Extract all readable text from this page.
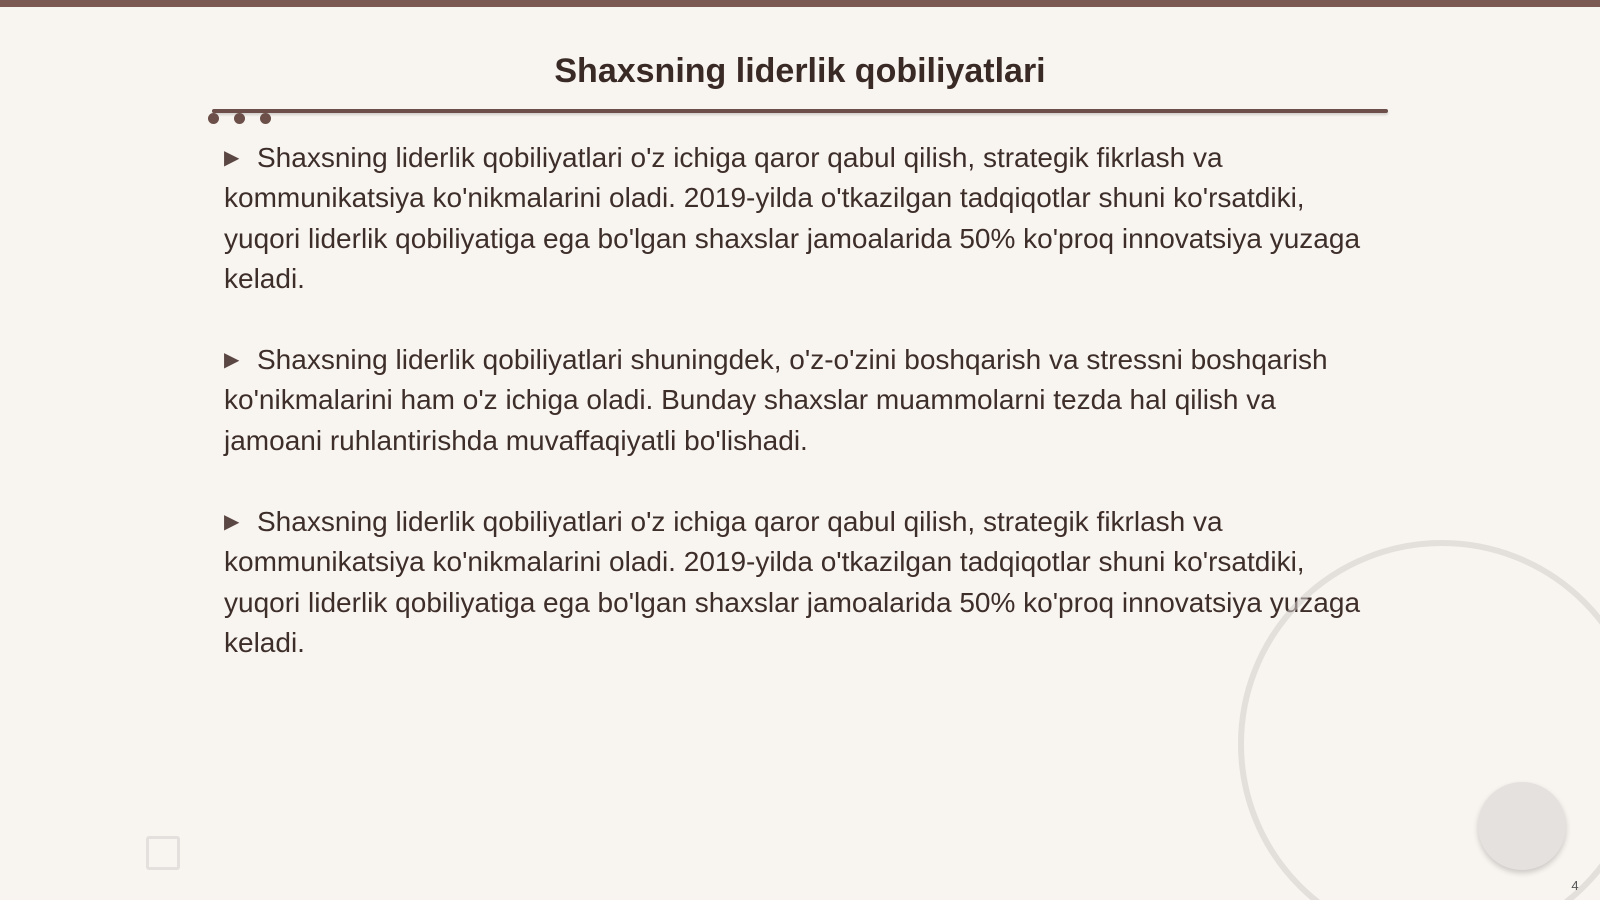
Shaxsning liderlik qobiliyatlari

▶ Shaxsning liderlik qobiliyatlari o'z ichiga qaror qabul qilish, strategik fikrlash va kommunikatsiya ko'nikmalarini oladi. 2019-yilda o'tkazilgan tadqiqotlar shuni ko'rsatdiki, yuqori liderlik qobiliyatiga ega bo'lgan shaxslar jamoalarida 50% ko'proq innovatsiya yuzaga keladi.

▶ Shaxsning liderlik qobiliyatlari shuningdek, o'z-o'zini boshqarish va stressni boshqarish ko'nikmalarini ham o'z ichiga oladi. Bunday shaxslar muammolarni tezda hal qilish va jamoani ruhlantirishda muvaffaqiyatli bo'lishadi.

▶ Shaxsning liderlik qobiliyatlari o'z ichiga qaror qabul qilish, strategik fikrlash va kommunikatsiya ko'nikmalarini oladi. 2019-yilda o'tkazilgan tadqiqotlar shuni ko'rsatdiki, yuqori liderlik qobiliyatiga ega bo'lgan shaxslar jamoalarida 50% ko'proq innovatsiya yuzaga keladi.

4
